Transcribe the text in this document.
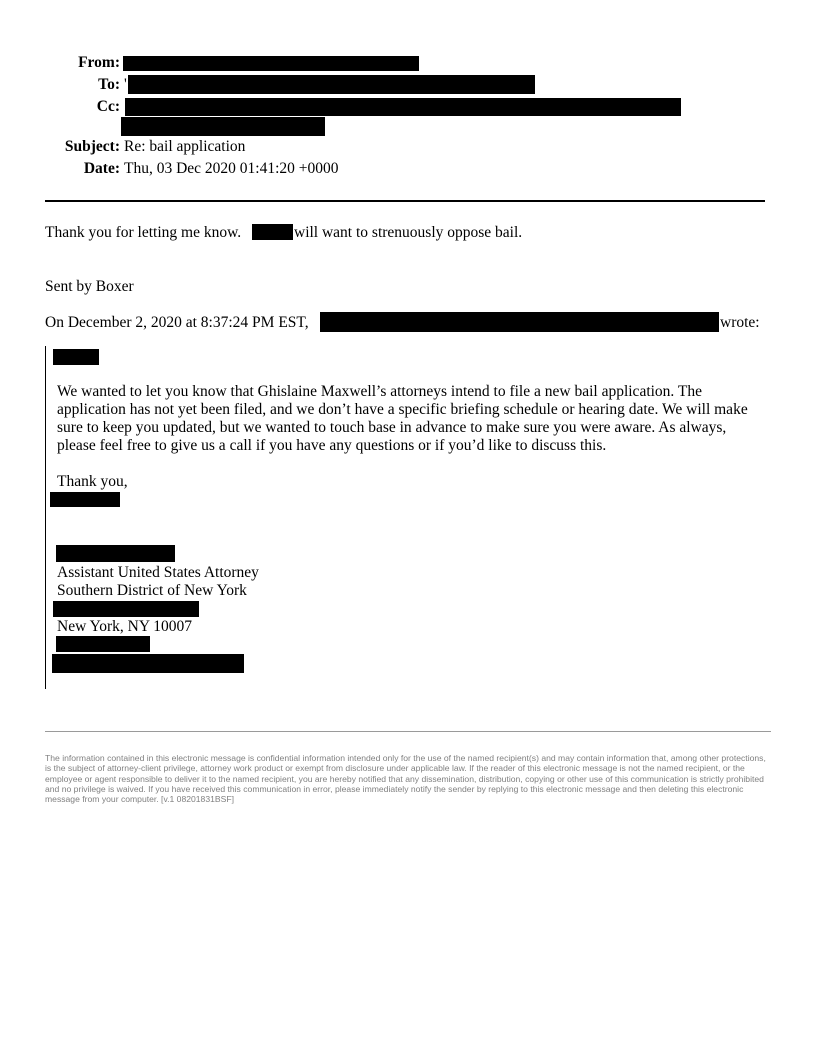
From:
To: '
Cc:
Subject: Re: bail application
Date: Thu, 03 Dec 2020 01:41:20 +0000
Thank you for letting me know.	will want to strenuously oppose bail.
Sent by Boxer
On December 2, 2020 at 8:37:24 PM EST,	wrote:
We wanted to let you know that Ghislaine Maxwell’s attorneys intend to file a new bail application. The application has not yet been filed, and we don’t have a specific briefing schedule or hearing date. We will make sure to keep you updated, but we wanted to touch base in advance to make sure you were aware. As always, please feel free to give us a call if you have any questions or if you’d like to discuss this.
Thank you,
Assistant United States Attorney
Southern District of New York
New York, NY 10007
The information contained in this electronic message is confidential information intended only for the use of the named recipient(s) and may contain information that, among other protections, is the subject of attorney-client privilege, attorney work product or exempt from disclosure under applicable law. If the reader of this electronic message is not the named recipient, or the employee or agent responsible to deliver it to the named recipient, you are hereby notified that any dissemination, distribution, copying or other use of this communication is strictly prohibited and no privilege is waived. If you have received this communication in error, please immediately notify the sender by replying to this electronic message and then deleting this electronic message from your computer. [v.1 08201831BSF]
